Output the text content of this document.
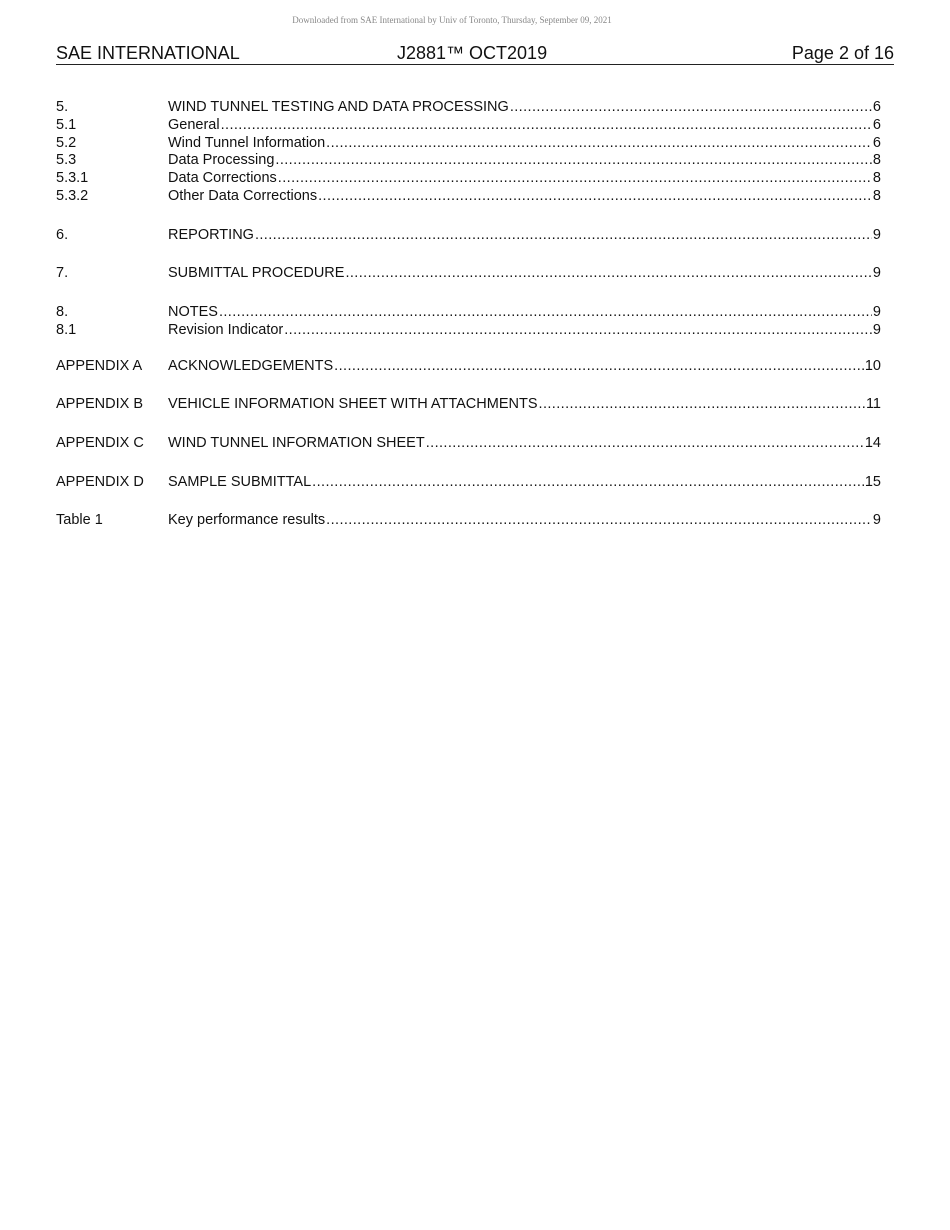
Downloaded from SAE International by Univ of Toronto, Thursday, September 09, 2021
SAE INTERNATIONAL	J2881™ OCT2019	Page 2 of 16
5.	WIND TUNNEL TESTING AND DATA PROCESSING .....	6
5.1	General .....	6
5.2	Wind Tunnel Information .....	6
5.3	Data Processing .....	8
5.3.1	Data Corrections .....	8
5.3.2	Other Data Corrections .....	8
6.	REPORTING .....	9
7.	SUBMITTAL PROCEDURE .....	9
8.	NOTES .....	9
8.1	Revision Indicator .....	9
APPENDIX A ACKNOWLEDGEMENTS .....	10
APPENDIX B VEHICLE INFORMATION SHEET WITH ATTACHMENTS .....	11
APPENDIX C WIND TUNNEL INFORMATION SHEET .....	14
APPENDIX D SAMPLE SUBMITTAL .....	15
Table 1	Key performance results .....	9
